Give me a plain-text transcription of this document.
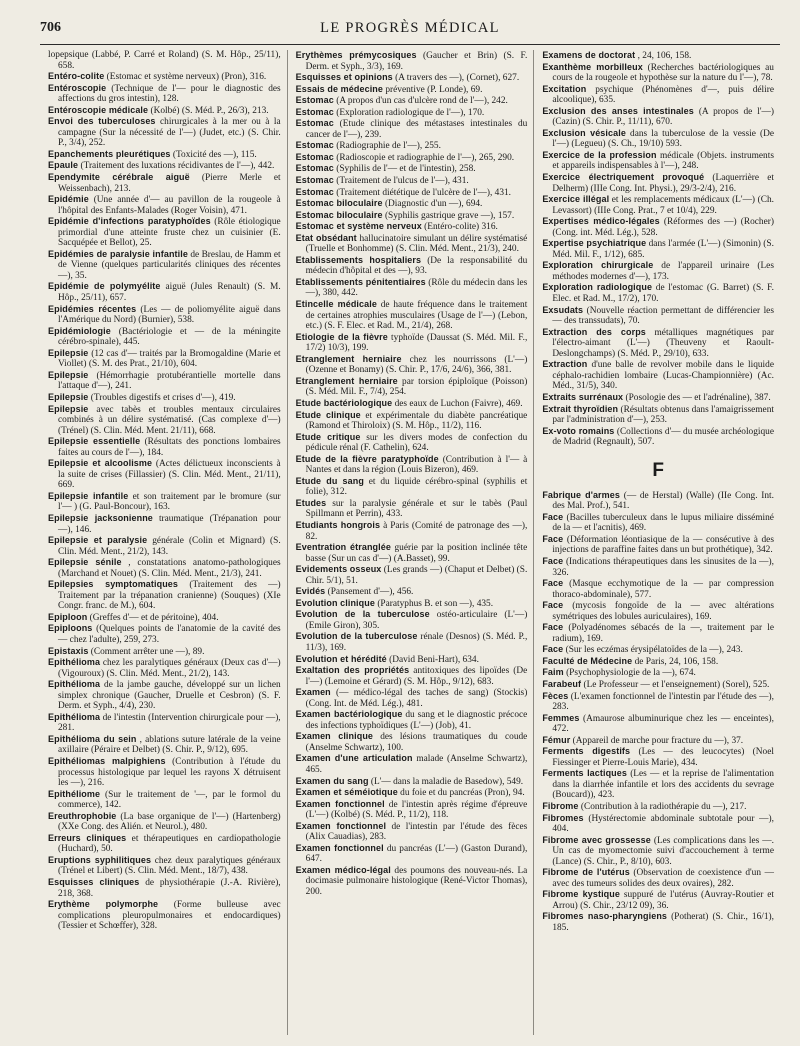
706	LE PROGRÈS MÉDICAL

lopepsique (Labbé, P. Carré et Roland) (S. M. Hôp., 25/11), 658.

Entéro-colite (Estomac et système nerveux) (Pron), 316.

Entéroscopie (Technique de l'— pour le diagnostic des affections du gros intestin), 128.

Entéroscopie médicale (Kolbé) (S. Méd. P., 26/3), 213.

Envoi des tuberculoses chirurgicales à la mer ou à la campagne (Sur la nécessité de l'—) (Judet, etc.) (S. Chir. P., 3/4), 252.

Epanchements pleurétiques (Toxicité des —), 115.

Epaule (Traitement des luxations récidivantes de l'—), 442.

Ependymite cérébrale aiguë (Pierre Merle et Weissenbach), 213.

Epidémie (Une année d'— au pavillon de la rougeole à l'hôpital des Enfants-Malades (Roger Voisin), 471.

Epidémie d'infections paratyphoïdes (Rôle étiologique primordial d'une atteinte fruste chez un cuisinier (E. Sacquépée et Bellot), 25.

Epidémies de paralysie infantile de Breslau, de Hamm et de Vienne (quelques particularités cliniques des récentes —), 35.

Epidémie de polymyélite aiguë (Jules Renault) (S. M. Hôp., 25/11), 657.

Epidémies récentes (Les — de poliomyélite aiguë dans l'Amérique du Nord) (Burnier), 538.

Epidémiologie (Bactériologie et — de la méningite cérébro-spinale), 445.

Epilepsie (12 cas d'— traités par la Bromogaldine (Marie et Viollet) (S. M. des Prat., 21/10), 604.

Epilepsie (Hémorrhagie protubérantielle mortelle dans l'attaque d'—), 241.

Epilepsie (Troubles digestifs et crises d'—), 419.

Epilepsie avec tabès et troubles mentaux circulaires combinés à un délire systématisé. (Cas complexe d'—) (Trénel) (S. Clin. Méd. Ment. 21/11), 668.

Epilepsie essentielle (Résultats des ponctions lombaires faites au cours de l'—), 184.

Epilepsie et alcoolisme (Actes délictueux inconscients à la suite de crises (Fillassier) (S. Clin. Méd. Ment., 21/11), 669.

Epilepsie infantile et son traitement par le bromure (sur l'— ) (G. Paul-Boncour), 163.

Epilepsie jacksonienne traumatique (Trépanation pour —), 146.

Epilepsie et paralysie générale (Colin et Mignard) (S. Clin. Méd. Ment., 21/2), 143.

Epilepsie sénile , constatations anatomo-pathologiques (Marchand et Nouet) (S. Clin. Méd. Ment., 21/3), 241.

Epilepsies symptomatiques (Traitement des —) Traitement par la trépanation cranienne) (Souques) (XIe Congr. franc. de M.), 604.

Epiploon (Greffes d'— et de péritoine), 404.

Epiploons (Quelques points de l'anatomie de la cavité des — chez l'adulte), 259, 273.

Epistaxis (Comment arrêter une —), 89.

Epithélioma chez les paralytiques généraux (Deux cas d'—) (Vigouroux) (S. Clin. Méd. Ment., 21/2), 143.

Epithélioma de la jambe gauche, développé sur un lichen simplex chronique (Gaucher, Druelle et Cesbron) (S. F. Derm. et Syph., 4/4), 230.

Epithélioma de l'intestin (Intervention chirurgicale pour —), 281.

Epithélioma du sein , ablations suture latérale de la veine axillaire (Péraire et Delbet) (S. Chir. P., 9/12), 695.

Epithéliomas malpighiens (Contribution à l'étude du processus histologique par lequel les rayons X détruisent les —), 216.

Epithéliome (Sur le traitement de '—, par le formol du commerce), 142.

Ereuthrophobie (La base organique de l'—) (Hartenberg) (XXe Cong. des Alién. et Neurol.), 480.

Erreurs cliniques et thérapeutiques en cardiopathologie (Huchard), 50.

Eruptions syphilitiques chez deux paralytiques généraux (Trénel et Libert) (S. Clin. Méd. Ment., 18/7), 438.

Esquisses cliniques de physiothérapie (J.-A. Rivière), 218, 368.

Erythème polymorphe (Forme bulleuse avec complications pleuropulmonaires et endocardiques) (Tessier et Schœffer), 328.

Erythèmes prémycosiques (Gaucher et Brin) (S. F. Derm. et Syph., 3/3), 169.

Esquisses et opinions (A travers des —), (Cornet), 627.

Essais de médecine préventive (P. Londe), 69.

Estomac (A propos d'un cas d'ulcère rond de l'—), 242.

Estomac (Exploration radiologique de l'—), 170.

Estomac (Etude clinique des métastases intestinales du cancer de l'—), 239.

Estomac (Radiographie de l'—), 255.

Estomac (Radioscopie et radiographie de l'—), 265, 290.

Estomac (Syphilis de l'— et de l'intestin), 258.

Estomac (Traitement de l'ulcus de l'—), 431.

Estomac (Traitement diététique de l'ulcère de l'—), 431.

Estomac biloculaire (Diagnostic d'un —), 694.

Estomac biloculaire (Syphilis gastrique grave —), 157.

Estomac et système nerveux (Entéro-colite) 316.

Etat obsédant hallucinatoire simulant un délire systématisé (Truelle et Bonhomme) (S. Clin. Méd. Ment., 21/3), 240.

Etablissements hospitaliers (De la responsabilité du médecin d'hôpital et des —), 93.

Etablissements pénitentiaires (Rôle du médecin dans les —), 380, 442.

Etincelle médicale de haute fréquence dans le traitement de certaines atrophies musculaires (Usage de l'—) (Lebon, etc.) (S. F. Elec. et Rad. M., 21/4), 268.

Etiologie de la fièvre typhoïde (Daussat (S. Méd. Mil. F., 17/2) 10/3), 199.

Etranglement herniaire chez les nourrissons (L'—) (Ozenne et Bonamy) (S. Chir. P., 17/6, 24/6), 366, 381.

Etranglement herniaire par torsion épiploïque (Poisson) (S. Méd. Mil. F., 7/4), 254.

Etude bactériologique des eaux de Luchon (Faivre), 469.

Etude clinique et expérimentale du diabète pancréatique (Ramond et Thiroloix) (S. M. Hôp., 11/2), 116.

Etude critique sur les divers modes de confection du pédicule rénal (F. Cathelin), 624.

Etude de la fièvre paratyphoïde (Contribution à l'— à Nantes et dans la région (Louis Bizeron), 469.

Etude du sang et du liquide cérébro-spinal (syphilis et folie), 312.

Etudes sur la paralysie générale et sur le tabès (Paul Spillmann et Perrin), 433.

Etudiants hongrois à Paris (Comité de patronage des —), 82.

Eventration étranglée guérie par la position inclinée tête basse (Sur un cas d'—) (A.Basset), 99.

Evidements osseux (Les grands —) (Chaput et Delbet) (S. Chir. 5/1), 51.

Evidés (Pansement d'—), 456.

Evolution clinique (Paratyphus B. et son —), 435.

Evolution de la tuberculose ostéo-articulaire (L'—) (Emile Giron), 305.

Evolution de la tuberculose rénale (Desnos) (S. Méd. P., 11/3), 169.

Evolution et hérédité (David Beni-Hart), 634.

Exaltation des propriétés antitoxiques des lipoïdes (De l'—) (Lemoine et Gérard) (S. M. Hôp., 9/12), 683.

Examen (— médico-légal des taches de sang) (Stockis) (Cong. Int. de Méd. Lég.), 481.

Examen bactériologique du sang et le diagnostic précoce des infections typhoïdiques (L'—) (Job), 41.

Examen clinique des lésions traumatiques du coude (Anselme Schwartz), 100.

Examen d'une articulation malade (Anselme Schwartz), 465.

Examen du sang (L'— dans la maladie de Basedow), 549.

Examen et séméiotique du foie et du pancréas (Pron), 94.

Examen fonctionnel de l'intestin après régime d'épreuve (L'—) (Kolbé) (S. Méd. P., 11/2), 118.

Examen fonctionnel de l'intestin par l'étude des fèces (Alix Cauadias), 283.

Examen fonctionnel du pancréas (L'—) (Gaston Durand), 647.

Examen médico-légal des poumons des nouveau-nés. La docimasie pulmonaire histologique (René-Victor Thomas), 200.

Examens de doctorat , 24, 106, 158.

Exanthème morbilleux (Recherches bactériologiques au cours de la rougeole et hypothèse sur la nature du l'—), 78.

Excitation psychique (Phénomènes d'—, puis délire alcoolique), 635.

Exclusion des anses intestinales (A propos de l'—) (Cazin) (S. Chir. P., 11/11), 670.

Exclusion vésicale dans la tuberculose de la vessie (De l'—) (Legueu) (S. Ch., 19/10) 593.

Exercice de la profession médicale (Objets. instruments et appareils indispensables à l'—), 248.

Exercice électriquement provoqué (Laquerrière et Delherm) (IIIe Cong. Int. Physi.), 29/3-2/4), 216.

Exercice illégal et les remplacements médicaux (L'—) (Ch. Levassort) (IIIe Cong. Prat., 7 et 10/4), 229.

Expertises médico-légales (Réformes des —) (Rocher) (Cong. int. Méd. Lég.), 528.

Expertise psychiatrique dans l'armée (L'—) (Simonin) (S. Méd. Mil. F., 1/12), 685.

Exploration chirurgicale de l'appareil urinaire (Les méthodes modernes d'—), 173.

Exploration radiologique de l'estomac (G. Barret) (S. F. Elec. et Rad. M., 17/2), 170.

Exsudats (Nouvelle réaction permettant de différencier les — des transsudats), 70.

Extraction des corps métalliques magnétiques par l'électro-aimant (L'—) (Theuveny et Raoult-Deslongchamps) (S. Méd. P., 29/10), 633.

Extraction d'une balle de revolver mobile dans le liquide céphalo-rachidien lombaire (Lucas-Championnière) (Ac. Méd., 31/5), 340.

Extraits surrénaux (Posologie des — et l'adrénaline), 387.

Extrait thyroïdien (Résultats obtenus dans l'amaigrissement par l'administration d'—), 253.

Ex-voto romains (Collections d'— du musée archéologique de Madrid (Regnault), 507.

F

Fabrique d'armes (— de Herstal) (Walle) (IIe Cong. Int. des Mal. Prof.), 541.

Face (Bacilles tuberculeux dans le lupus miliaire disséminé de la — et l'acnitis), 469.

Face (Déformation léontiasique de la — consécutive à des injections de paraffine faites dans un but prothétique), 342.

Face (Indications thérapeutiques dans les sinusites de la —), 326.

Face (Masque ecchymotique de la — par compression thoraco-abdominale), 577.

Face (mycosis fongoïde de la — avec altérations symétriques des lobules auriculaires), 169.

Face (Polyadénomes sébacés de la —, traitement par le radium), 169.

Face (Sur les eczémas érysipélatoïdes de la —), 243.

Faculté de Médecine de Paris, 24, 106, 158.

Faim (Psychophysiologie de la —), 674.

Farabeuf (Le Professeur — et l'enseignement) (Sorel), 525.

Fèces (L'examen fonctionnel de l'intestin par l'étude des —), 283.

Femmes (Amaurose albuminurique chez les — enceintes), 472.

Fémur (Appareil de marche pour fracture du —), 37.

Ferments digestifs (Les — des leucocytes) (Noel Fiessinger et Pierre-Louis Marie), 434.

Ferments lactiques (Les — et la reprise de l'alimentation dans la diarrhée infantile et lors des accidents du sevrage (Boucard)), 423.

Fibrome (Contribution à la radiothérapie du —), 217.

Fibromes (Hystérectomie abdominale subtotale pour —), 404.

Fibrome avec grossesse (Les complications dans les —. Un cas de myomectomie suivi d'accouchement à terme (Lance) (S. Chir., P., 8/10), 603.

Fibrome de l'utérus (Observation de coexistence d'un — avec des tumeurs solides des deux ovaires), 282.

Fibrome kystique suppuré de l'utérus (Auvray-Routier et Arrou) (S. Chir., 23/12 09), 36.

Fibromes naso-pharyngiens (Potherat) (S. Chir., 16/1), 185.
